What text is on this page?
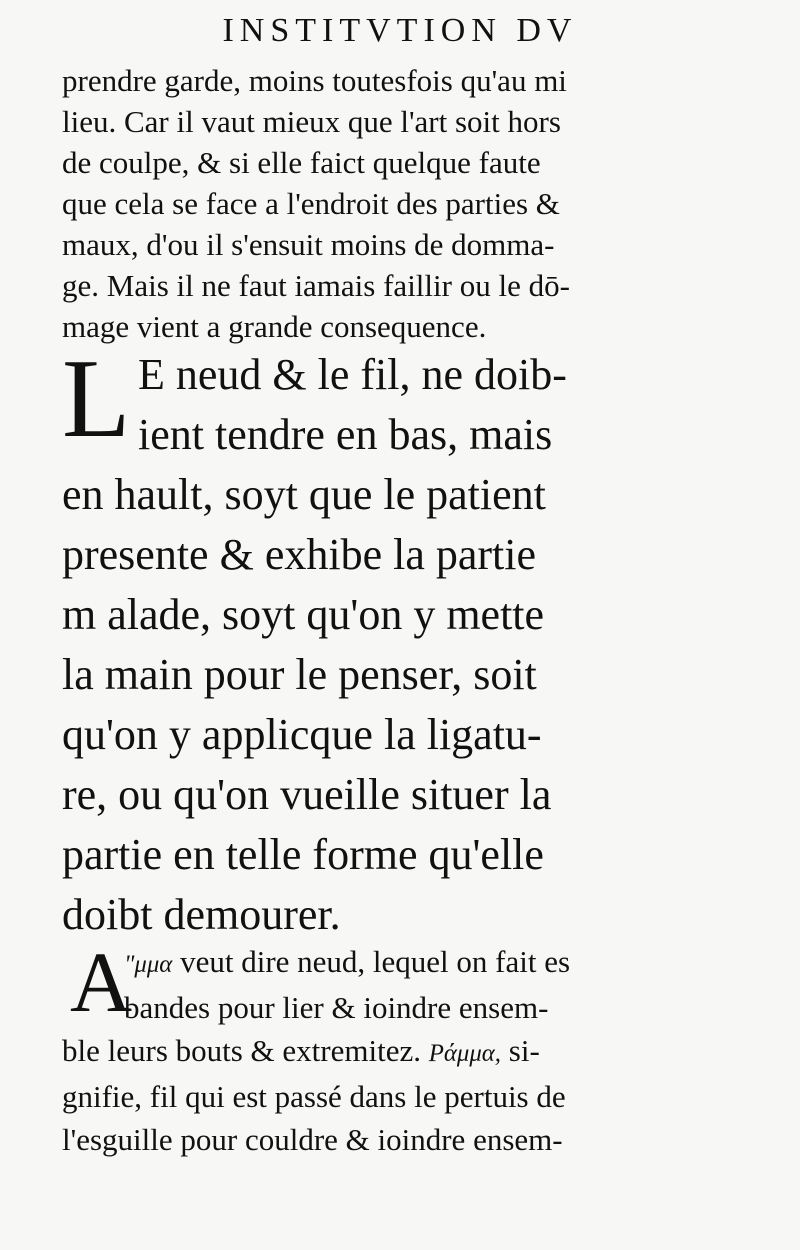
INSTITVTION DV
prendre garde, moins toutesfois qu'au mi
lieu. Car il vaut mieux que l'art soit hors
de coulpe, & si elle faict quelque faute
que cela se face a l'endroit des parties &
maux, d'ou il s'ensuit moins de domma-
ge. Mais il ne faut iamais faillir ou le dō-
mage vient a grande consequence.
L E neud & le fil, ne doib-
ient tendre en bas, mais
en hault, soyt que le patient
presente & exhibe la partie
m alade, soyt qu'on y mette
la main pour le penser, soit
qu'on y applicque la ligatu-
re, ou qu'on vueille situer la
partie en telle forme qu'elle
doibt demourer.
A
"μμα veut dire neud, lequel on fait es
bandes pour lier & ioindre ensem-
ble leurs bouts & extremitez. Ράμμα, si-
gnifie, fil qui est passé dans le pertuis de
l'esguille pour couldre & ioindre ensem-
